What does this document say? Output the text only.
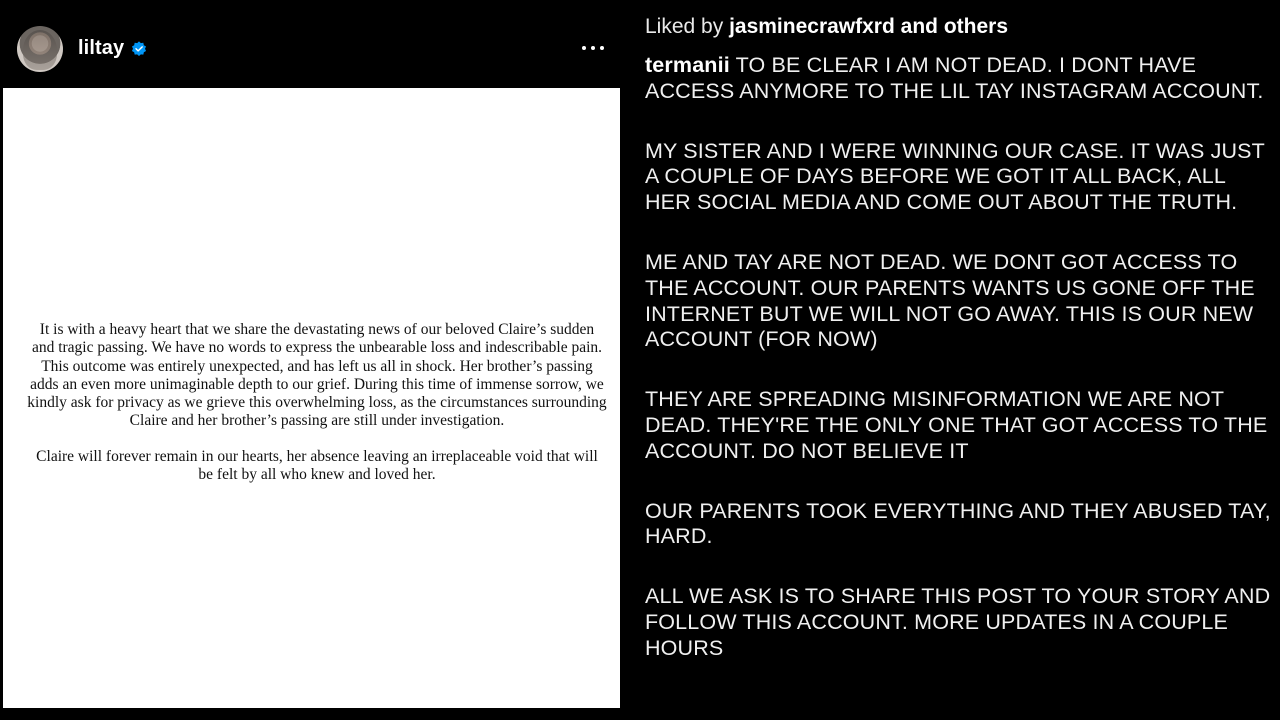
liltay

It is with a heavy heart that we share the devastating news of our beloved Claire’s sudden and tragic passing. We have no words to express the unbearable loss and indescribable pain. This outcome was entirely unexpected, and has left us all in shock. Her brother’s passing adds an even more unimaginable depth to our grief. During this time of immense sorrow, we kindly ask for privacy as we grieve this overwhelming loss, as the circumstances surrounding Claire and her brother’s passing are still under investigation.

Claire will forever remain in our hearts, her absence leaving an irreplaceable void that will be felt by all who knew and loved her.

Liked by jasminecrawfxrd and others

termanii TO BE CLEAR I AM NOT DEAD. I DONT HAVE ACCESS ANYMORE TO THE LIL TAY INSTAGRAM ACCOUNT.

MY SISTER AND I WERE WINNING OUR CASE. IT WAS JUST A COUPLE OF DAYS BEFORE WE GOT IT ALL BACK, ALL HER SOCIAL MEDIA AND COME OUT ABOUT THE TRUTH.

ME AND TAY ARE NOT DEAD. WE DONT GOT ACCESS TO THE ACCOUNT. OUR PARENTS WANTS US GONE OFF THE INTERNET BUT WE WILL NOT GO AWAY. THIS IS OUR NEW ACCOUNT (FOR NOW)

THEY ARE SPREADING MISINFORMATION WE ARE NOT DEAD. THEY'RE THE ONLY ONE THAT GOT ACCESS TO THE ACCOUNT. DO NOT BELIEVE IT

OUR PARENTS TOOK EVERYTHING AND THEY ABUSED TAY, HARD.

ALL WE ASK IS TO SHARE THIS POST TO YOUR STORY AND FOLLOW THIS ACCOUNT. MORE UPDATES IN A COUPLE HOURS
